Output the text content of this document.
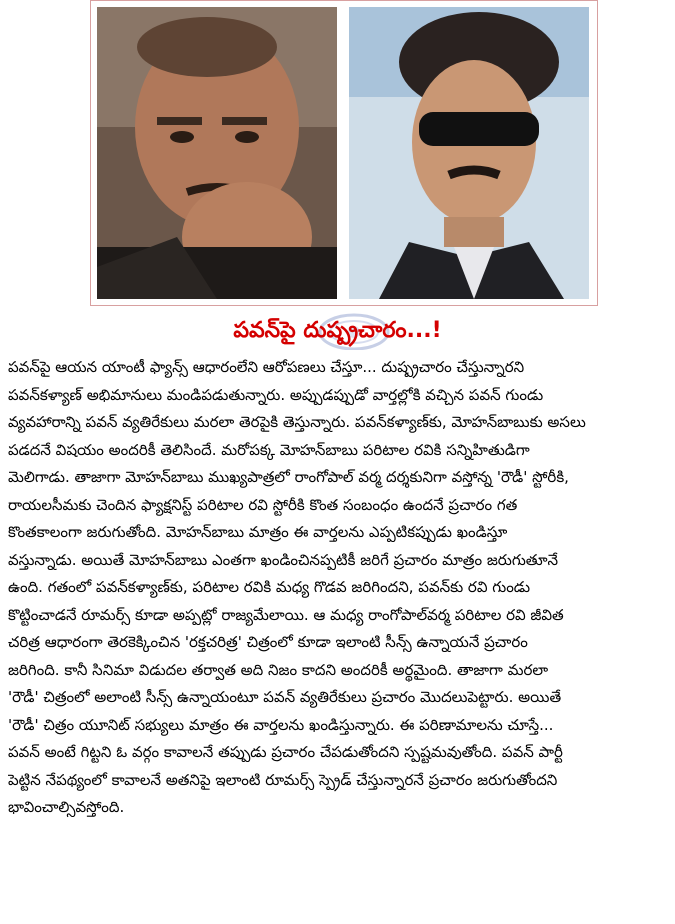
పవన్‌పై దుష్ప్రచారం...!
పవన్‌పై ఆయన యాంటీ ఫ్యాన్స్ ఆధారంలేని ఆరోపణలు చేస్తూ... దుష్ప్రచారం చేస్తున్నారని
పవన్‌కళ్యాణ్ అభిమానులు మండిపడుతున్నారు. అప్పుడప్పుడో వార్తల్లోకి వచ్చిన పవన్ గుండు
వ్యవహారాన్ని పవన్ వ్యతిరేకులు మరలా తెరపైకి తెస్తున్నారు. పవన్‌కళ్యాణ్‌కు, మోహన్‌బాబుకు అసలు
పడదనే విషయం అందరికీ తెలిసిందే. మరోపక్క మోహన్‌బాబు పరిటాల రవికి సన్నిహితుడిగా
మెలిగాడు. తాజాగా మోహన్‌బాబు ముఖ్యపాత్రలో రాంగోపాల్ వర్మ దర్శకునిగా వస్తోన్న 'రౌడీ' స్టోరీకి,
రాయలసీమకు చెందిన ఫ్యాక్షనిస్ట్ పరిటాల రవి స్టోరీకి కొంత సంబంధం ఉందనే ప్రచారం గత
కొంతకాలంగా జరుగుతోంది. మోహన్‌బాబు మాత్రం ఈ వార్తలను ఎప్పటికప్పుడు ఖండిస్తూ
వస్తున్నాడు. అయితే మోహన్‌బాబు ఎంతగా ఖండించినప్పటికీ జరిగే ప్రచారం మాత్రం జరుగుతూనే
ఉంది. గతంలో పవన్‌కళ్యాణ్‌కు, పరిటాల రవికి మధ్య గొడవ జరిగిందని, పవన్‌కు రవి గుండు
కొట్టించాడనే రూమర్స్ కూడా అప్పట్లో రాజ్యమేలాయి. ఆ మధ్య రాంగోపాల్‌వర్మ పరిటాల రవి జీవిత
చరిత్ర ఆధారంగా తెరకెక్కించిన 'రక్తచరిత్ర' చిత్రంలో కూడా ఇలాంటి సీన్స్ ఉన్నాయనే ప్రచారం
జరిగింది. కానీ సినిమా విడుదల తర్వాత అది నిజం కాదని అందరికీ అర్థమైంది. తాజాగా మరలా
'రౌడీ' చిత్రంలో అలాంటి సీన్స్ ఉన్నాయంటూ పవన్ వ్యతిరేకులు ప్రచారం మొదలుపెట్టారు. అయితే
'రౌడీ' చిత్రం యూనిట్ సభ్యులు మాత్రం ఈ వార్తలను ఖండిస్తున్నారు. ఈ పరిణామాలను చూస్తే...
పవన్ అంటే గిట్టని ఓ వర్గం కావాలనే తప్పుడు ప్రచారం చేపడుతోందని స్పష్టమవుతోంది. పవన్ పార్టీ
పెట్టిన నేపథ్యంలో కావాలనే అతనిపై ఇలాంటి రూమర్స్ స్ప్రెడ్ చేస్తున్నారనే ప్రచారం జరుగుతోందని
భావించాల్సివస్తోంది.
